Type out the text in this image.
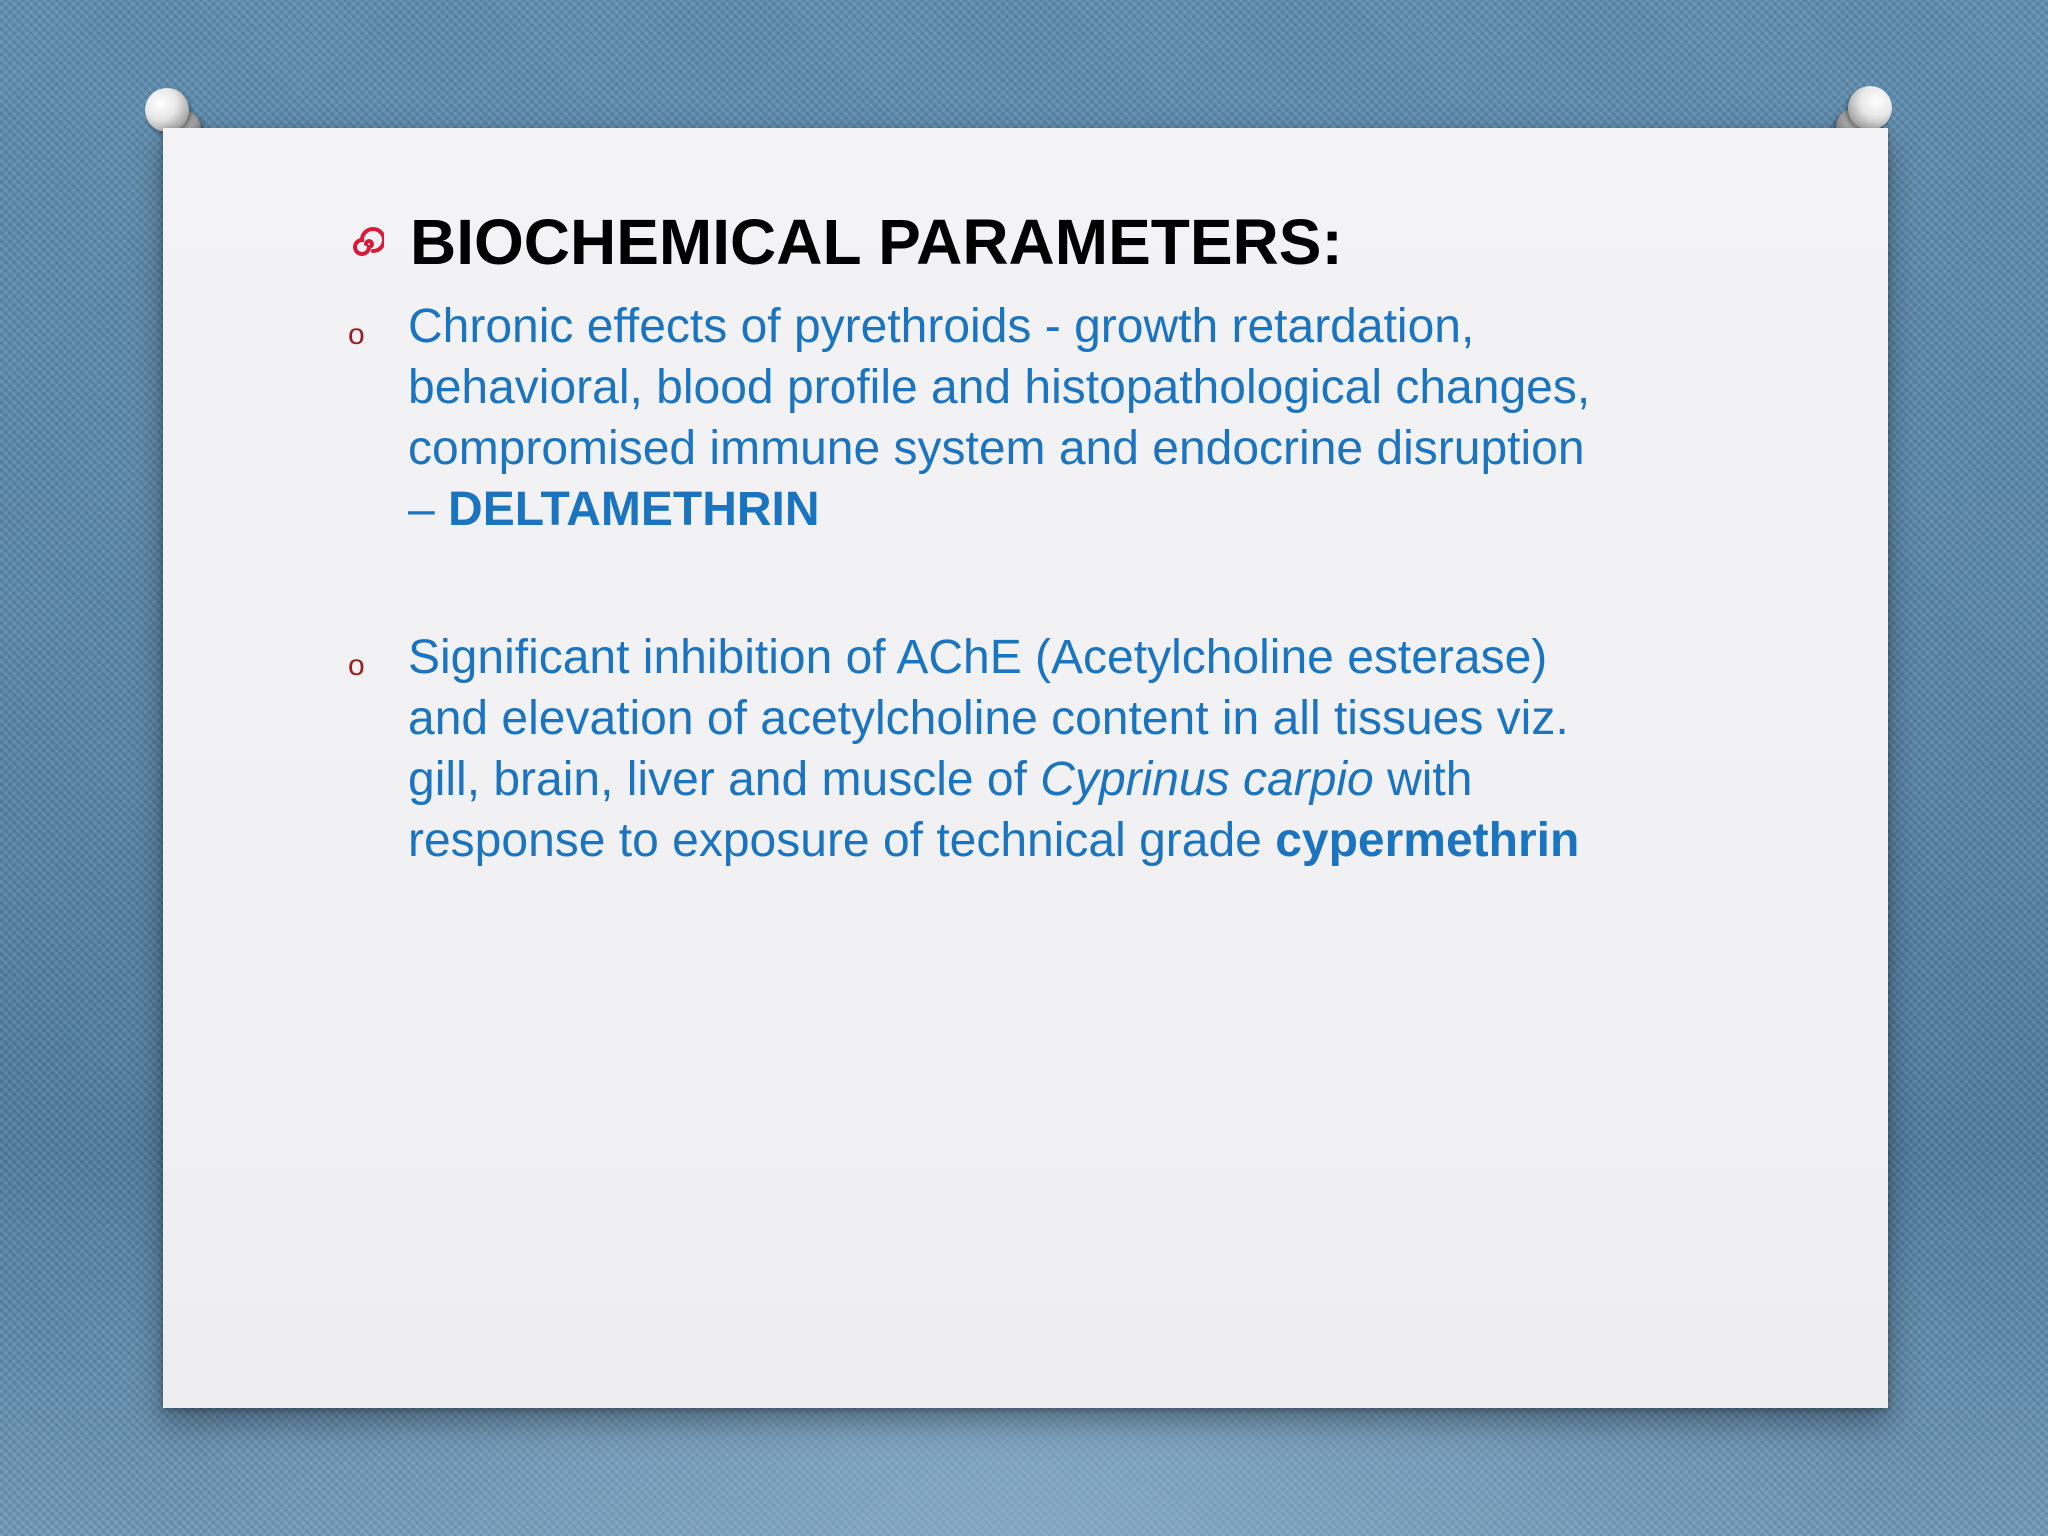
BIOCHEMICAL PARAMETERS:
o Chronic effects of pyrethroids - growth retardation,
behavioral, blood profile and histopathological changes,
compromised immune system and endocrine disruption
– DELTAMETHRIN
o Significant inhibition of AChE (Acetylcholine esterase)
and elevation of acetylcholine content in all tissues viz.
gill, brain, liver and muscle of Cyprinus carpio with
response to exposure of technical grade cypermethrin
